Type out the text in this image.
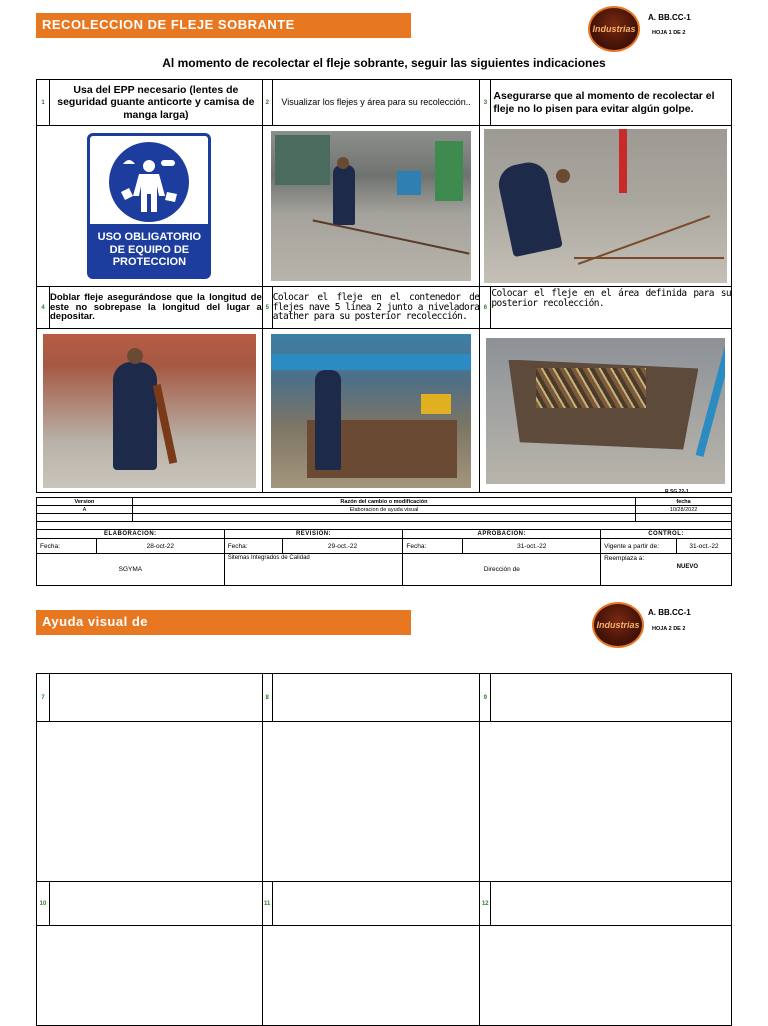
RECOLECCION DE FLEJE SOBRANTE	Industrias
A. BB.CC-1
HOJA 1 DE 2
Al momento de recolectar el fleje sobrante, seguir las siguientes indicaciones
1	Usa del EPP necesario (lentes de seguridad guante anticorte y camisa de manga larga)	2	Visualizar los flejes y área para su recolección..	3	Asegurarse que al momento de recolectar el fleje no lo pisen para evitar algún golpe.

USO OBLIGATORIO DE EQUIPO DE PROTECCION					

4	Doblar fleje asegurándose que la longitud de este no sobrepase la longitud del lugar a depositar.	5	Colocar el fleje en el contenedor de flejes nave 5 línea 2 junto a niveladora atather para su posterior recolección.	6	Colocar el fleje en el área definida para su posterior recolección.

R.SG.22-1
Version	Razón del cambio o modificación	fecha
A	Elaboracion de ayuda visual	10/28/2022

ELABORACIÓN:		REVISIÓN:		APROBACIÓN:		CONTROL:	
Fecha:	28-oct-22	Fecha:	29-oct.-22	Fecha:	31-oct.-22	Vigente a partir de:	31-oct.-22
SGYMA		Sitemas Integrados de Calidad		Dirección de		Reemplaza a:
NUEVO	
Ayuda visual de	Industrias
A. BB.CC-1
HOJA 2 DE 2
7		8		9	

10		11		12	
